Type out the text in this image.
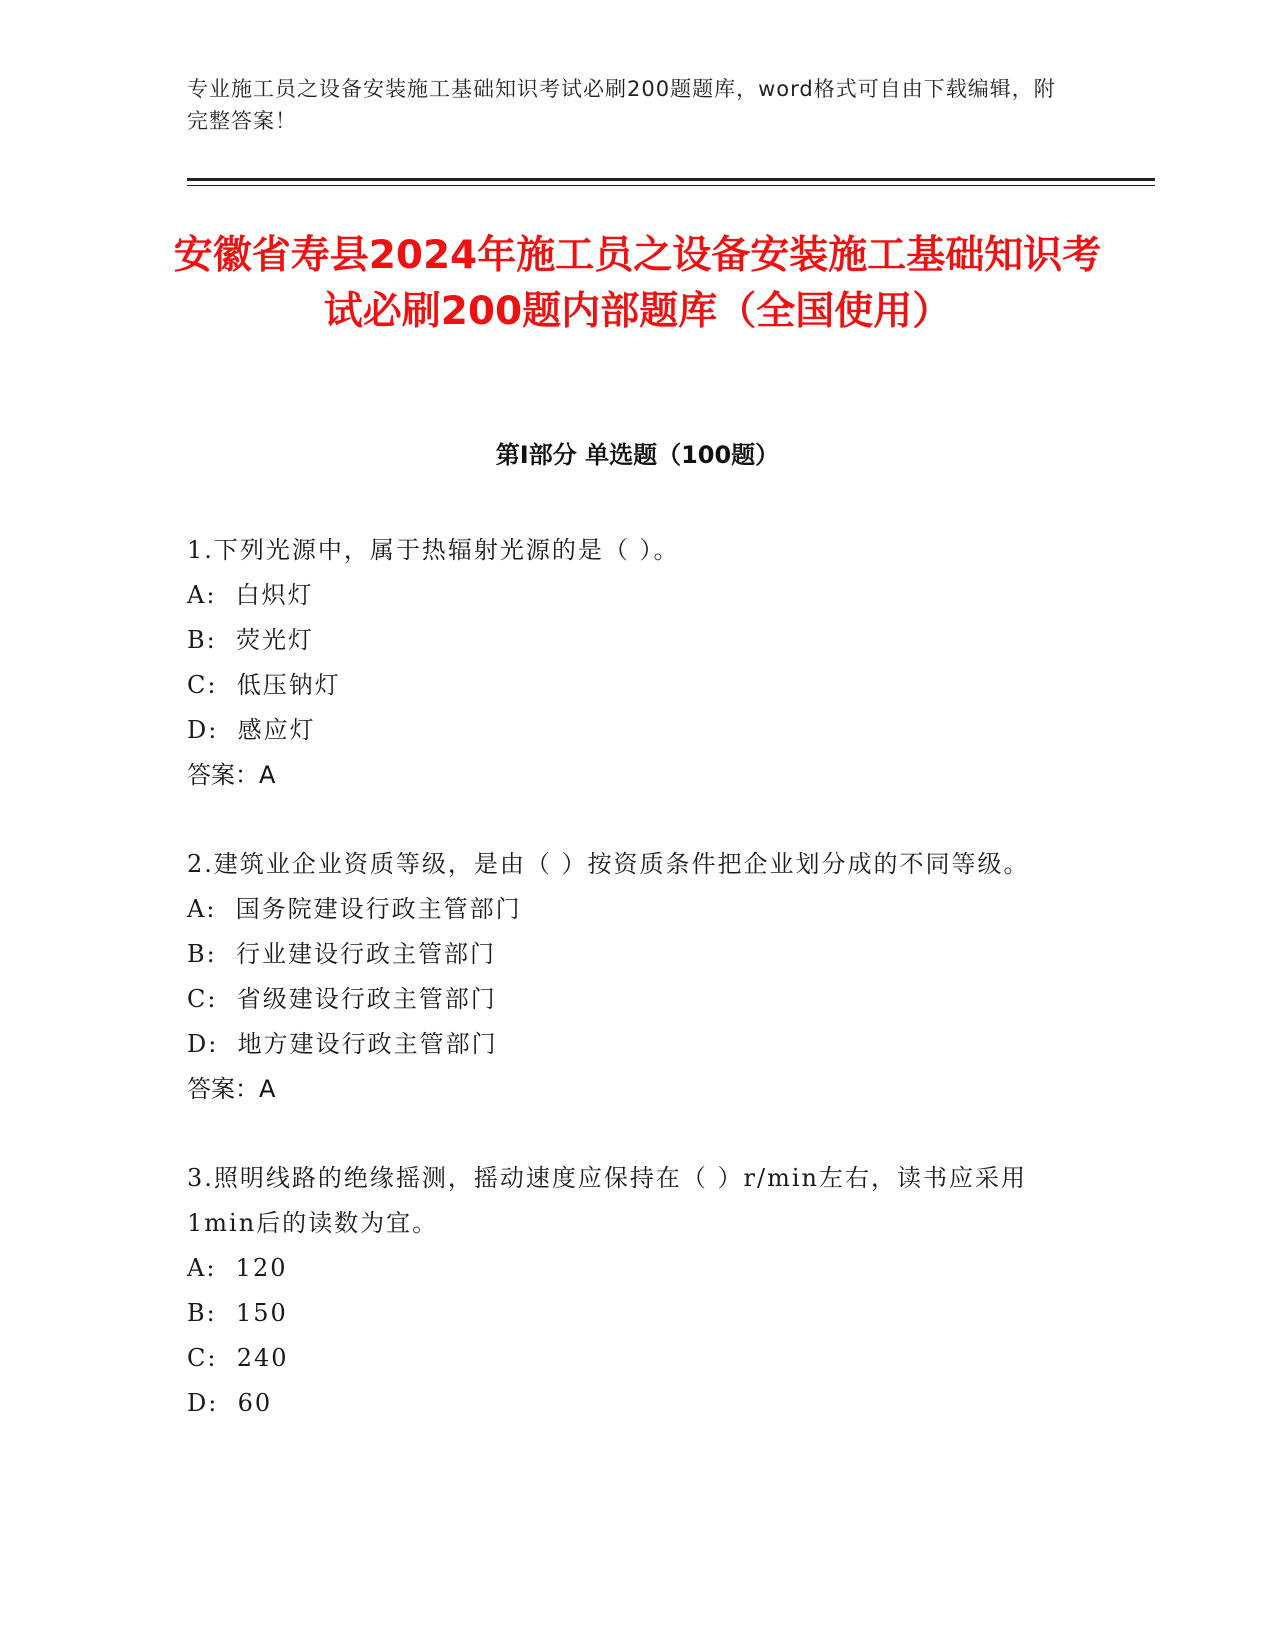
专业施工员之设备安装施工基础知识考试必刷200题题库，word格式可自由下载编辑，附完整答案！
安徽省寿县2024年施工员之设备安装施工基础知识考试必刷200题内部题库（全国使用）
第I部分 单选题（100题）
1.下列光源中，属于热辐射光源的是（ ）。
A:  白炽灯
B:  荧光灯
C:  低压钠灯
D:  感应灯
答案：A
2.建筑业企业资质等级，是由（ ）按资质条件把企业划分成的不同等级。
A:  国务院建设行政主管部门
B:  行业建设行政主管部门
C:  省级建设行政主管部门
D:  地方建设行政主管部门
答案：A
3.照明线路的绝缘摇测，摇动速度应保持在（ ）r/min左右，读书应采用1min后的读数为宜。
A:  120
B:  150
C:  240
D:  60
